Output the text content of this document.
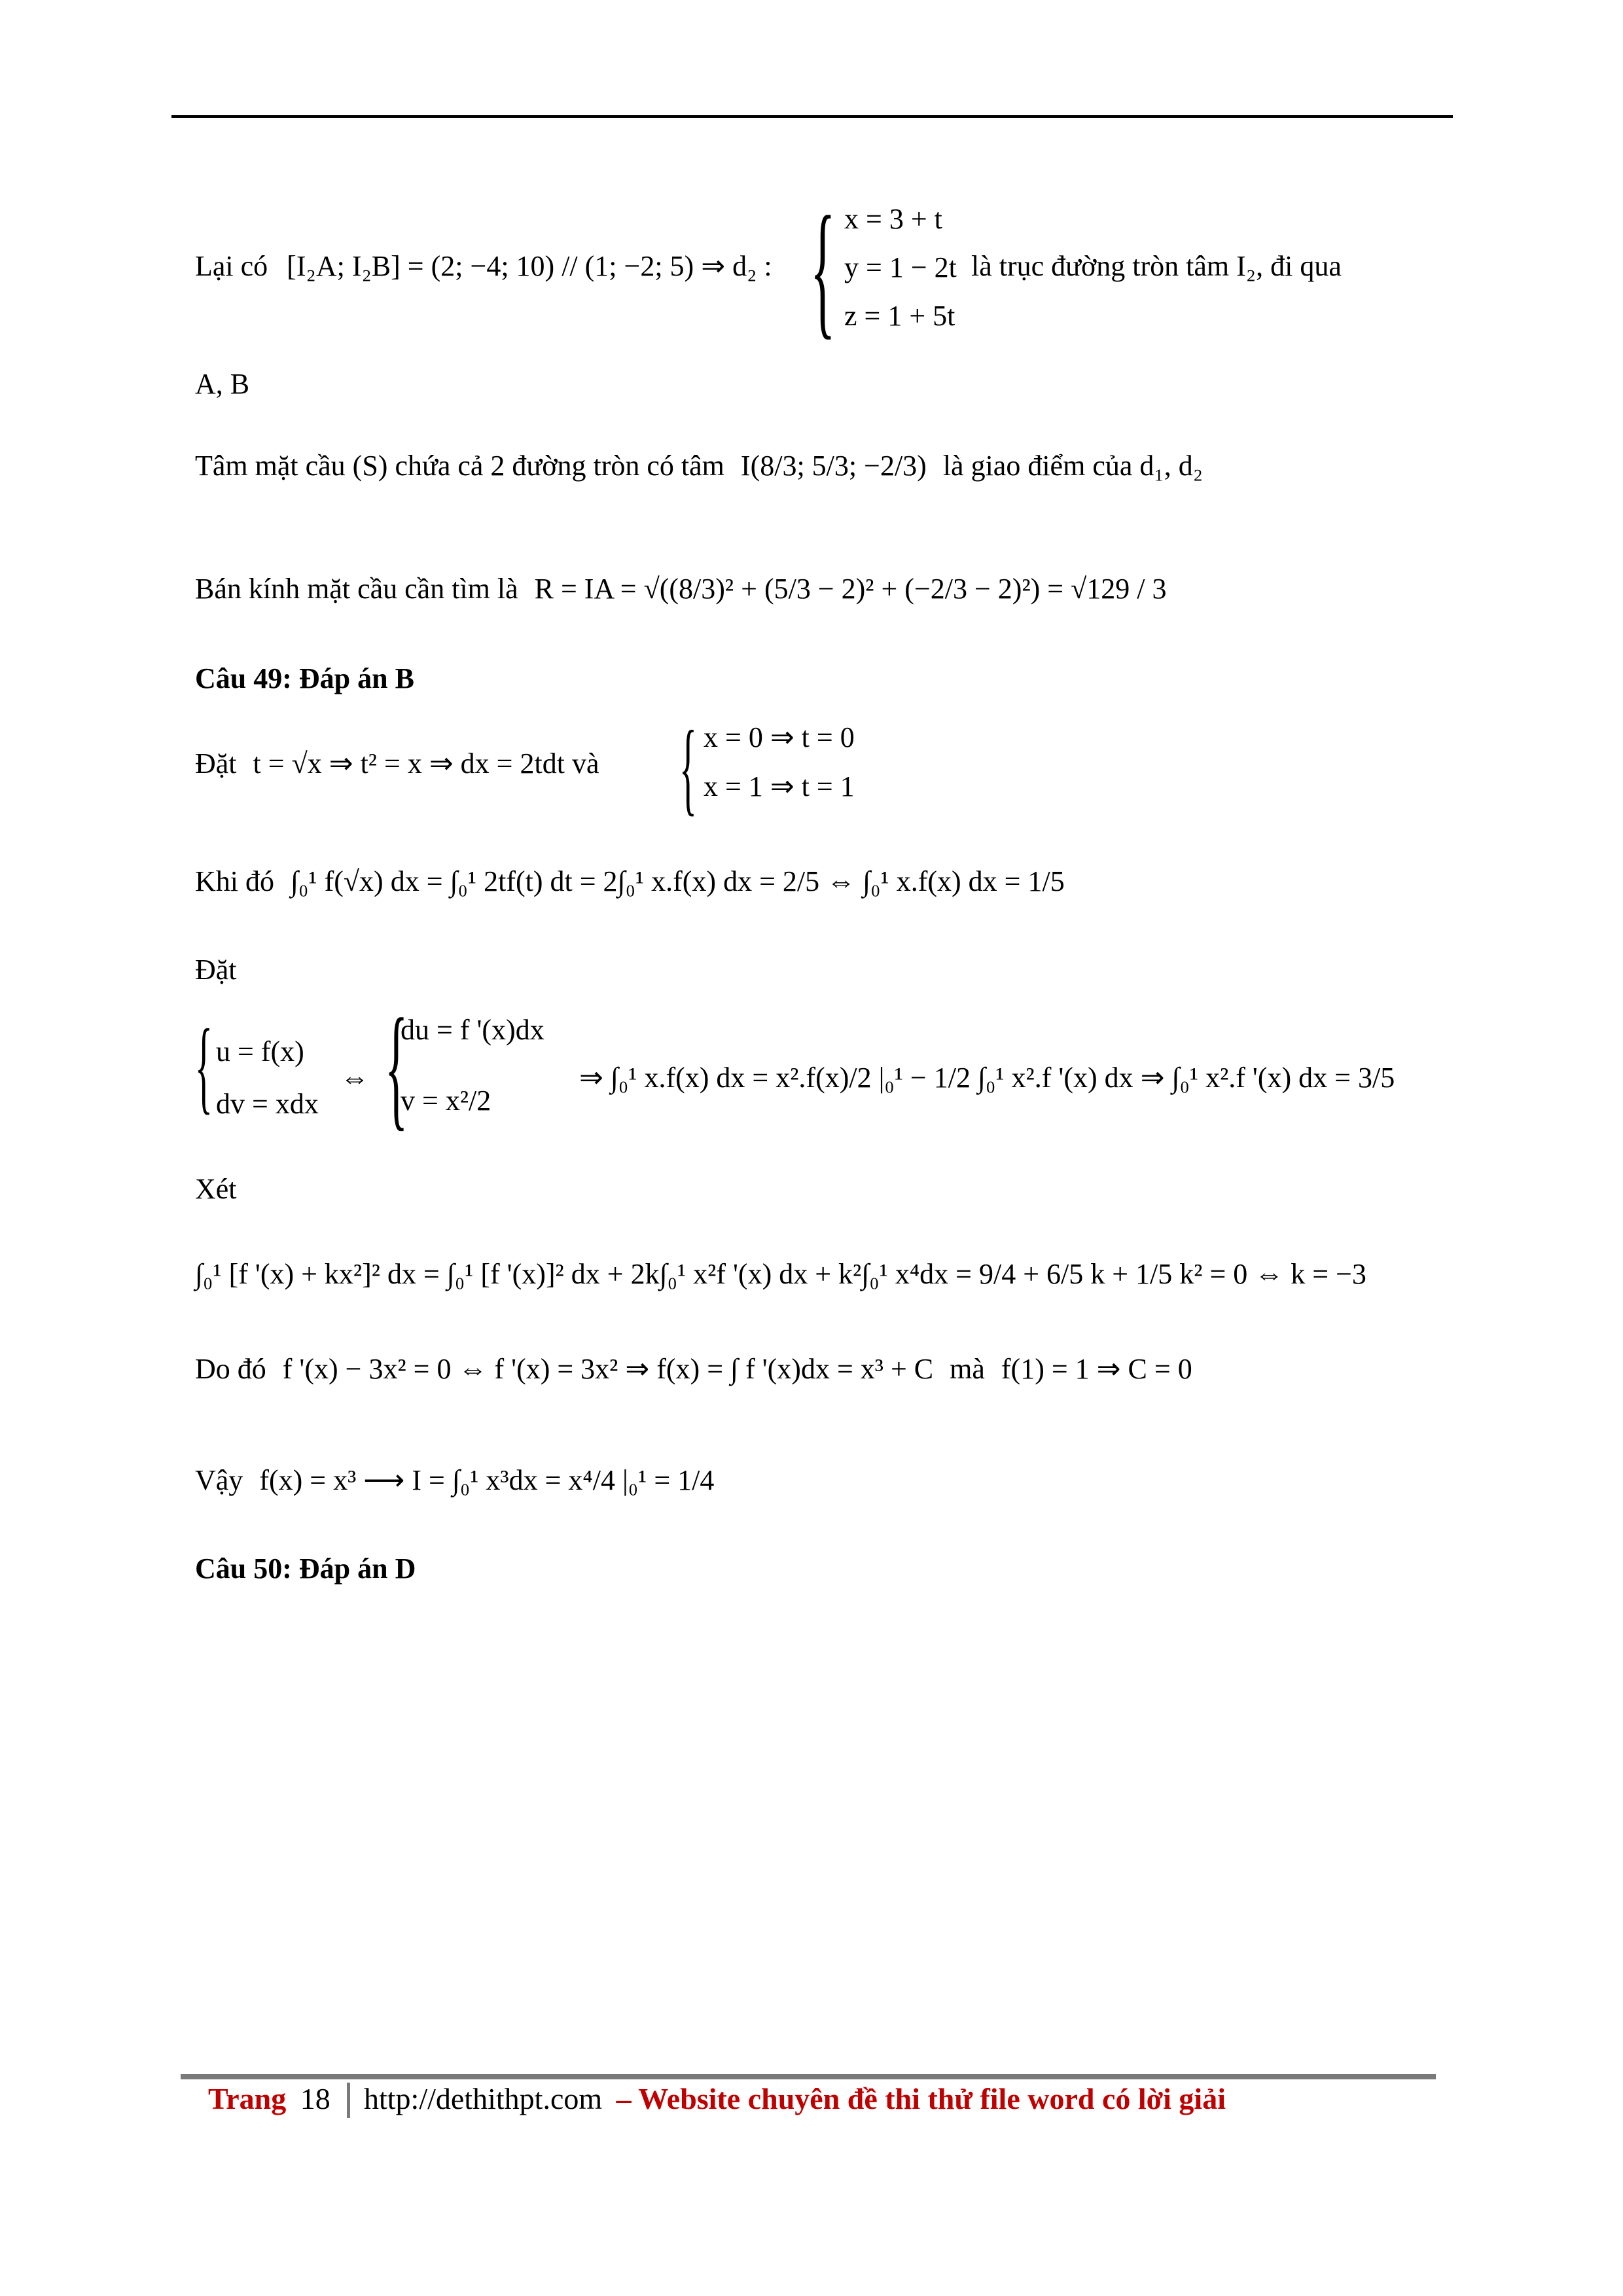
Lại có [I₂A; I₂B] = (2; −4; 10) // (1; −2; 5) ⇒ d₂ : { x = 3 + t
y = 1 − 2t
z = 1 + 5t
là trục đường tròn tâm I₂, đi qua
A, B
Tâm mặt cầu (S) chứa cả 2 đường tròn có tâm I(8/3; 5/3; −2/3) là giao điểm của d₁, d₂
Bán kính mặt cầu cần tìm là R = IA = √((8/3)² + (5/3 − 2)² + (−2/3 − 2)²) = √129 / 3
Câu 49: Đáp án B
Đặt t = √x ⇒ t² = x ⇒ dx = 2tdt và { x = 0 ⇒ t = 0
x = 1 ⇒ t = 1
Khi đó ∫₀¹ f(√x) dx = ∫₀¹ 2tf(t) dt = 2∫₀¹ x.f(x) dx = 2/5 ⇔ ∫₀¹ x.f(x) dx = 1/5
Đặt
{ u = f(x)
dv = xdx
⇔ {
du = f '(x)dx
v = x²/2
⇒ ∫₀¹ x.f(x) dx = x².f(x)/2 |₀¹ − 1/2 ∫₀¹ x².f '(x) dx ⇒ ∫₀¹ x².f '(x) dx = 3/5
Xét
∫₀¹ [f '(x) + kx²]² dx = ∫₀¹ [f '(x)]² dx + 2k∫₀¹ x²f '(x) dx + k²∫₀¹ x⁴dx = 9/4 + 6/5 k + 1/5 k² = 0 ⇔ k = −3
Do đó f '(x) − 3x² = 0 ⇔ f '(x) = 3x² ⇒ f(x) = ∫ f '(x)dx = x³ + C mà f(1) = 1 ⇒ C = 0
Vậy f(x) = x³ ⟶ I = ∫₀¹ x³dx = x⁴/4 |₀¹ = 1/4
Câu 50: Đáp án D
Trang 18 http://dethithpt.com – Website chuyên đề thi thử file word có lời giải
